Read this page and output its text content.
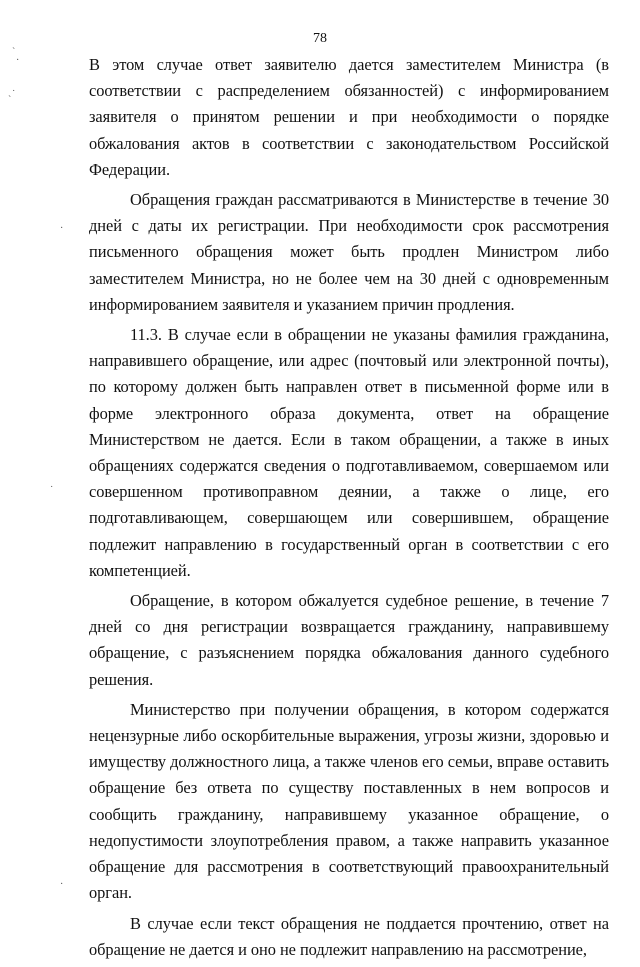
78
ˋ
·
˙
ˋ
·
˙
·

В этом случае ответ заявителю дается заместителем Министра (в соответствии с распределением обязанностей) с информированием заявителя о принятом решении и при необходимости о порядке обжалования актов в соответствии с законодательством Российской Федерации.

Обращения граждан рассматриваются в Министерстве в течение 30 дней с даты их регистрации. При необходимости срок рассмотрения письменного обращения может быть продлен Министром либо заместителем Министра, но не более чем на 30 дней с одновременным информированием заявителя и указанием причин продления.

11.3. В случае если в обращении не указаны фамилия гражданина, направившего обращение, или адрес (почтовый или электронной почты), по которому должен быть направлен ответ в письменной форме или в форме электронного образа документа, ответ на обращение Министерством не дается. Если в таком обращении, а также в иных обращениях содержатся сведения о подготавливаемом, совершаемом или совершенном противоправном деянии, а также о лице, его подготавливающем, совершающем или совершившем, обращение подлежит направлению в государственный орган в соответствии с его компетенцией.

Обращение, в котором обжалуется судебное решение, в течение 7 дней со дня регистрации возвращается гражданину, направившему обращение, с разъяснением порядка обжалования данного судебного решения.

Министерство при получении обращения, в котором содержатся нецензурные либо оскорбительные выражения, угрозы жизни, здоровью и имуществу должностного лица, а также членов его семьи, вправе оставить обращение без ответа по существу поставленных в нем вопросов и сообщить гражданину, направившему указанное обращение, о недопустимости злоупотребления правом, а также направить указанное обращение для рассмотрения в соответствующий правоохранительный орган.

В случае если текст обращения не поддается прочтению, ответ на обращение не дается и оно не подлежит направлению на рассмотрение,
